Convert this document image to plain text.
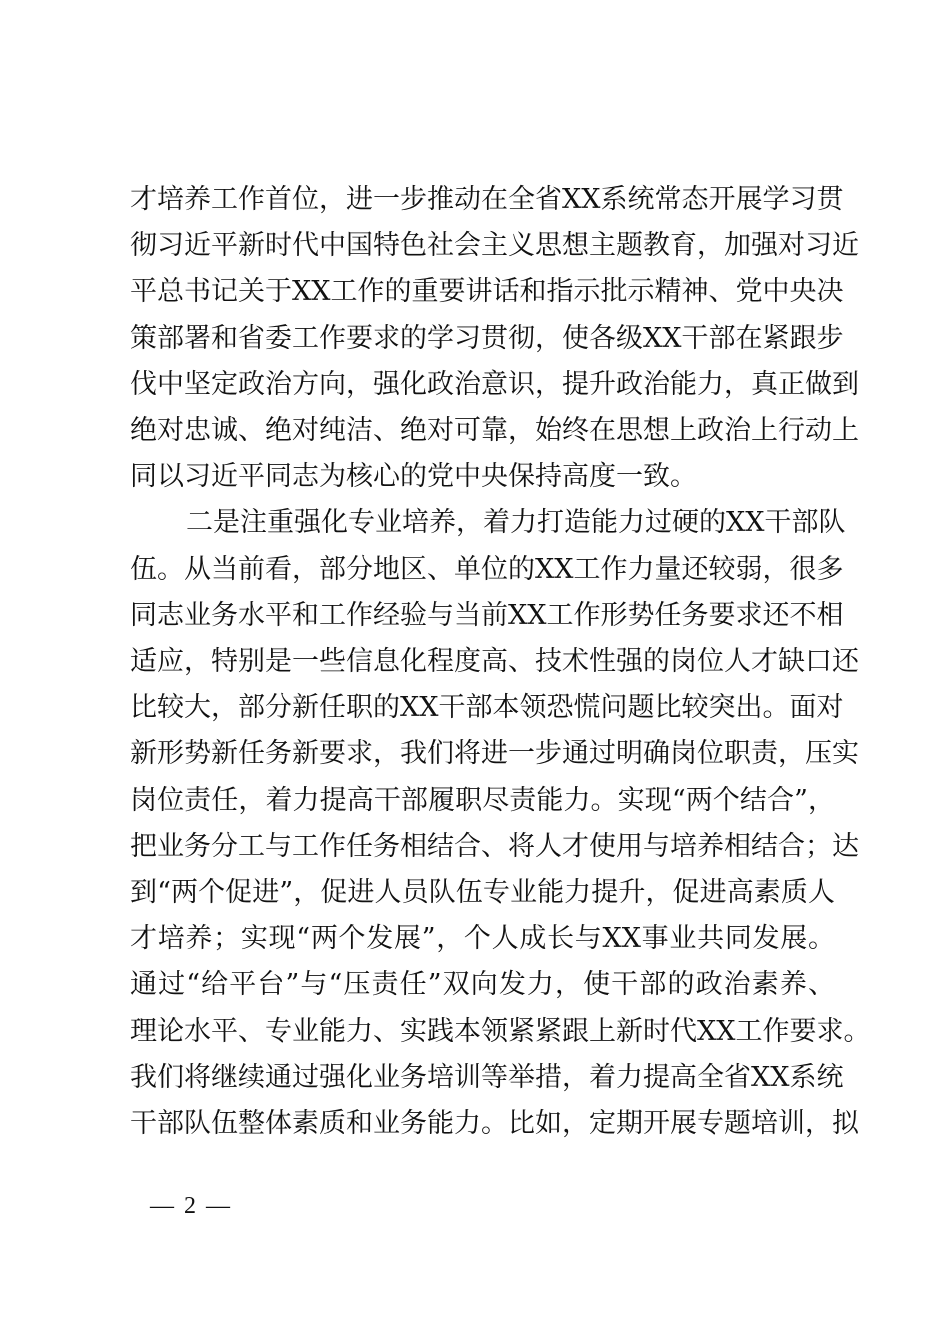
才培养工作首位，进一步推动在全省XX系统常态开展学习贯
彻习近平新时代中国特色社会主义思想主题教育，加强对习近
平总书记关于XX工作的重要讲话和指示批示精神、党中央决
策部署和省委工作要求的学习贯彻，使各级XX干部在紧跟步
伐中坚定政治方向，强化政治意识，提升政治能力，真正做到
绝对忠诚、绝对纯洁、绝对可靠，始终在思想上政治上行动上
同以习近平同志为核心的党中央保持高度一致。
二是注重强化专业培养，着力打造能力过硬的XX干部队
伍。从当前看，部分地区、单位的XX工作力量还较弱，很多
同志业务水平和工作经验与当前XX工作形势任务要求还不相
适应，特别是一些信息化程度高、技术性强的岗位人才缺口还
比较大，部分新任职的XX干部本领恐慌问题比较突出。面对
新形势新任务新要求，我们将进一步通过明确岗位职责，压实
岗位责任，着力提高干部履职尽责能力。实现“两个结合”，
把业务分工与工作任务相结合、将人才使用与培养相结合；达
到“两个促进”，促进人员队伍专业能力提升，促进高素质人
才培养；实现“两个发展”，个人成长与XX事业共同发展。
通过“给平台”与“压责任”双向发力，使干部的政治素养、
理论水平、专业能力、实践本领紧紧跟上新时代XX工作要求。
我们将继续通过强化业务培训等举措，着力提高全省XX系统
干部队伍整体素质和业务能力。比如，定期开展专题培训，拟
— 2 —
